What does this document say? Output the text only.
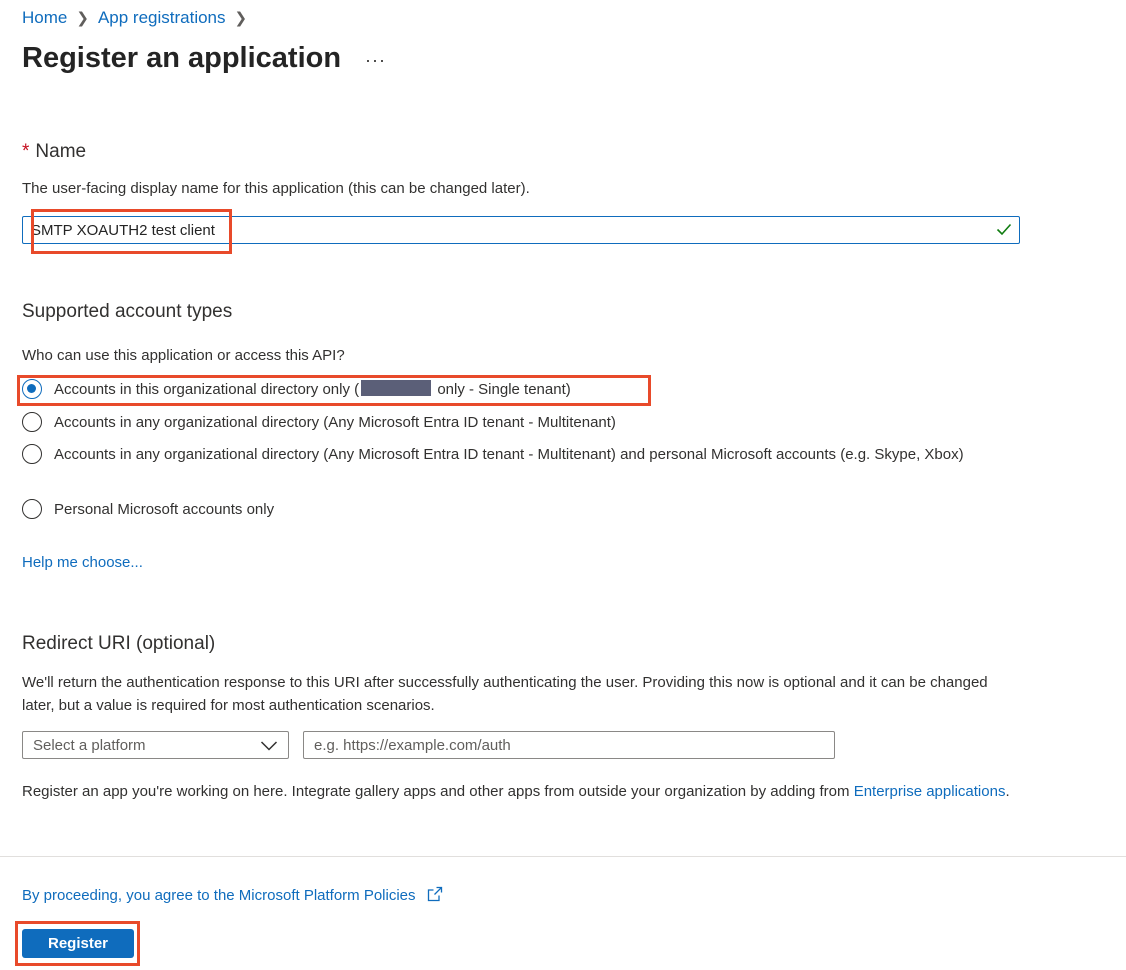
Home ❯ App registrations ❯
Register an application ···
* Name
The user-facing display name for this application (this can be changed later).
SMTP XOAUTH2 test client
Supported account types
Who can use this application or access this API?
Accounts in this organizational directory only (	only - Single tenant)
Accounts in any organizational directory (Any Microsoft Entra ID tenant - Multitenant)
Accounts in any organizational directory (Any Microsoft Entra ID tenant - Multitenant) and personal Microsoft accounts (e.g. Skype, Xbox)
Personal Microsoft accounts only
Help me choose...
Redirect URI (optional)
We'll return the authentication response to this URI after successfully authenticating the user. Providing this now is optional and it can be changed later, but a value is required for most authentication scenarios.
Select a platform
e.g. https://example.com/auth
Register an app you're working on here. Integrate gallery apps and other apps from outside your organization by adding from Enterprise applications.
By proceeding, you agree to the Microsoft Platform Policies
Register
